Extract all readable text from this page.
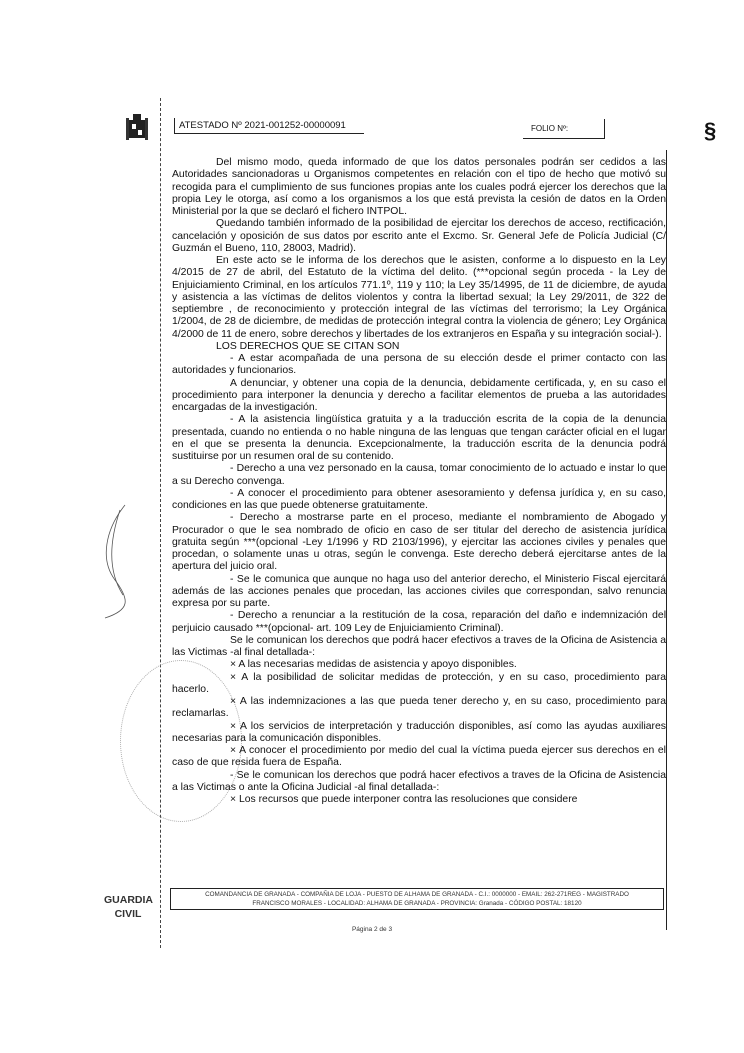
ATESTADO Nº 2021-001252-00000091	FOLIO Nº:	§

Del mismo modo, queda informado de que los datos personales podrán ser cedidos a las Autoridades sancionadoras u Organismos competentes en relación con el tipo de hecho que motivó su recogida para el cumplimiento de sus funciones propias ante los cuales podrá ejercer los derechos que la propia Ley le otorga, así como a los organismos a los que está prevista la cesión de datos en la Orden Ministerial por la que se declaró el fichero INTPOL.

Quedando también informado de la posibilidad de ejercitar los derechos de acceso, rectificación, cancelación y oposición de sus datos por escrito ante el Excmo. Sr. General Jefe de Policía Judicial (C/ Guzmán el Bueno, 110, 28003, Madrid).

En este acto se le informa de los derechos que le asisten, conforme a lo dispuesto en la Ley 4/2015 de 27 de abril, del Estatuto de la víctima del delito. (***opcional según proceda - la Ley de Enjuiciamiento Criminal, en los artículos 771.1º, 119 y 110; la Ley 35/14995, de 11 de diciembre, de ayuda y asistencia a las víctimas de delitos violentos y contra la libertad sexual; la Ley 29/2011, de 322 de septiembre , de reconocimiento y protección integral de las víctimas del terrorismo; la Ley Orgánica 1/2004, de 28 de diciembre, de medidas de protección integral contra la violencia de género; Ley Orgánica 4/2000 de 11 de enero, sobre derechos y libertades de los extranjeros en España y su integración social-).

LOS DERECHOS QUE SE CITAN SON

- A estar acompañada de una persona de su elección desde el primer contacto con las autoridades y funcionarios.

A denunciar, y obtener una copia de la denuncia, debidamente certificada, y, en su caso el procedimiento para interponer la denuncia y derecho a facilitar elementos de prueba a las autoridades encargadas de la investigación.

- A la asistencia lingüística gratuita y a la traducción escrita de la copia de la denuncia presentada, cuando no entienda o no hable ninguna de las lenguas que tengan carácter oficial en el lugar en el que se presenta la denuncia. Excepcionalmente, la traducción escrita de la denuncia podrá sustituirse por un resumen oral de su contenido.

- Derecho a una vez personado en la causa, tomar conocimiento de lo actuado e instar lo que a su Derecho convenga.

- A conocer el procedimiento para obtener asesoramiento y defensa jurídica y, en su caso, condiciones en las que puede obtenerse gratuitamente.

- Derecho a mostrarse parte en el proceso, mediante el nombramiento de Abogado y Procurador o que le sea nombrado de oficio en caso de ser titular del derecho de asistencia jurídica gratuita según ***(opcional -Ley 1/1996 y RD 2103/1996), y ejercitar las acciones civiles y penales que procedan, o solamente unas u otras, según le convenga. Este derecho deberá ejercitarse antes de la apertura del juicio oral.

- Se le comunica que aunque no haga uso del anterior derecho, el Ministerio Fiscal ejercitará además de las acciones penales que procedan, las acciones civiles que correspondan, salvo renuncia expresa por su parte.

- Derecho a renunciar a la restitución de la cosa, reparación del daño e indemnización del perjuicio causado ***(opcional- art. 109 Ley de Enjuiciamiento Criminal).

Se le comunican los derechos que podrá hacer efectivos a traves de la Oficina de Asistencia a las Victimas -al final detallada-:

× A las necesarias medidas de asistencia y apoyo disponibles.

× A la posibilidad de solicitar medidas de protección, y en su caso, procedimiento para hacerlo.

× A las indemnizaciones a las que pueda tener derecho y, en su caso, procedimiento para reclamarlas.

× A los servicios de interpretación y traducción disponibles, así como las ayudas auxiliares necesarias para la comunicación disponibles.

× A conocer el procedimiento por medio del cual la víctima pueda ejercer sus derechos en el caso de que resida fuera de España.

- Se le comunican los derechos que podrá hacer efectivos a traves de la Oficina de Asistencia a las Victimas o ante la Oficina Judicial -al final detallada-:

× Los recursos que puede interponer contra las resoluciones que considere

GUARDIA
CIVIL
COMANDANCIA DE GRANADA - COMPAÑIA DE LOJA - PUESTO DE ALHAMA DE GRANADA - C.I.: 0000000 - EMAIL: 262-271REG - MAGISTRADO
FRANCISCO MORALES - LOCALIDAD: ALHAMA DE GRANADA - PROVINCIA: Granada - CÓDIGO POSTAL: 18120
Página 2 de 3
